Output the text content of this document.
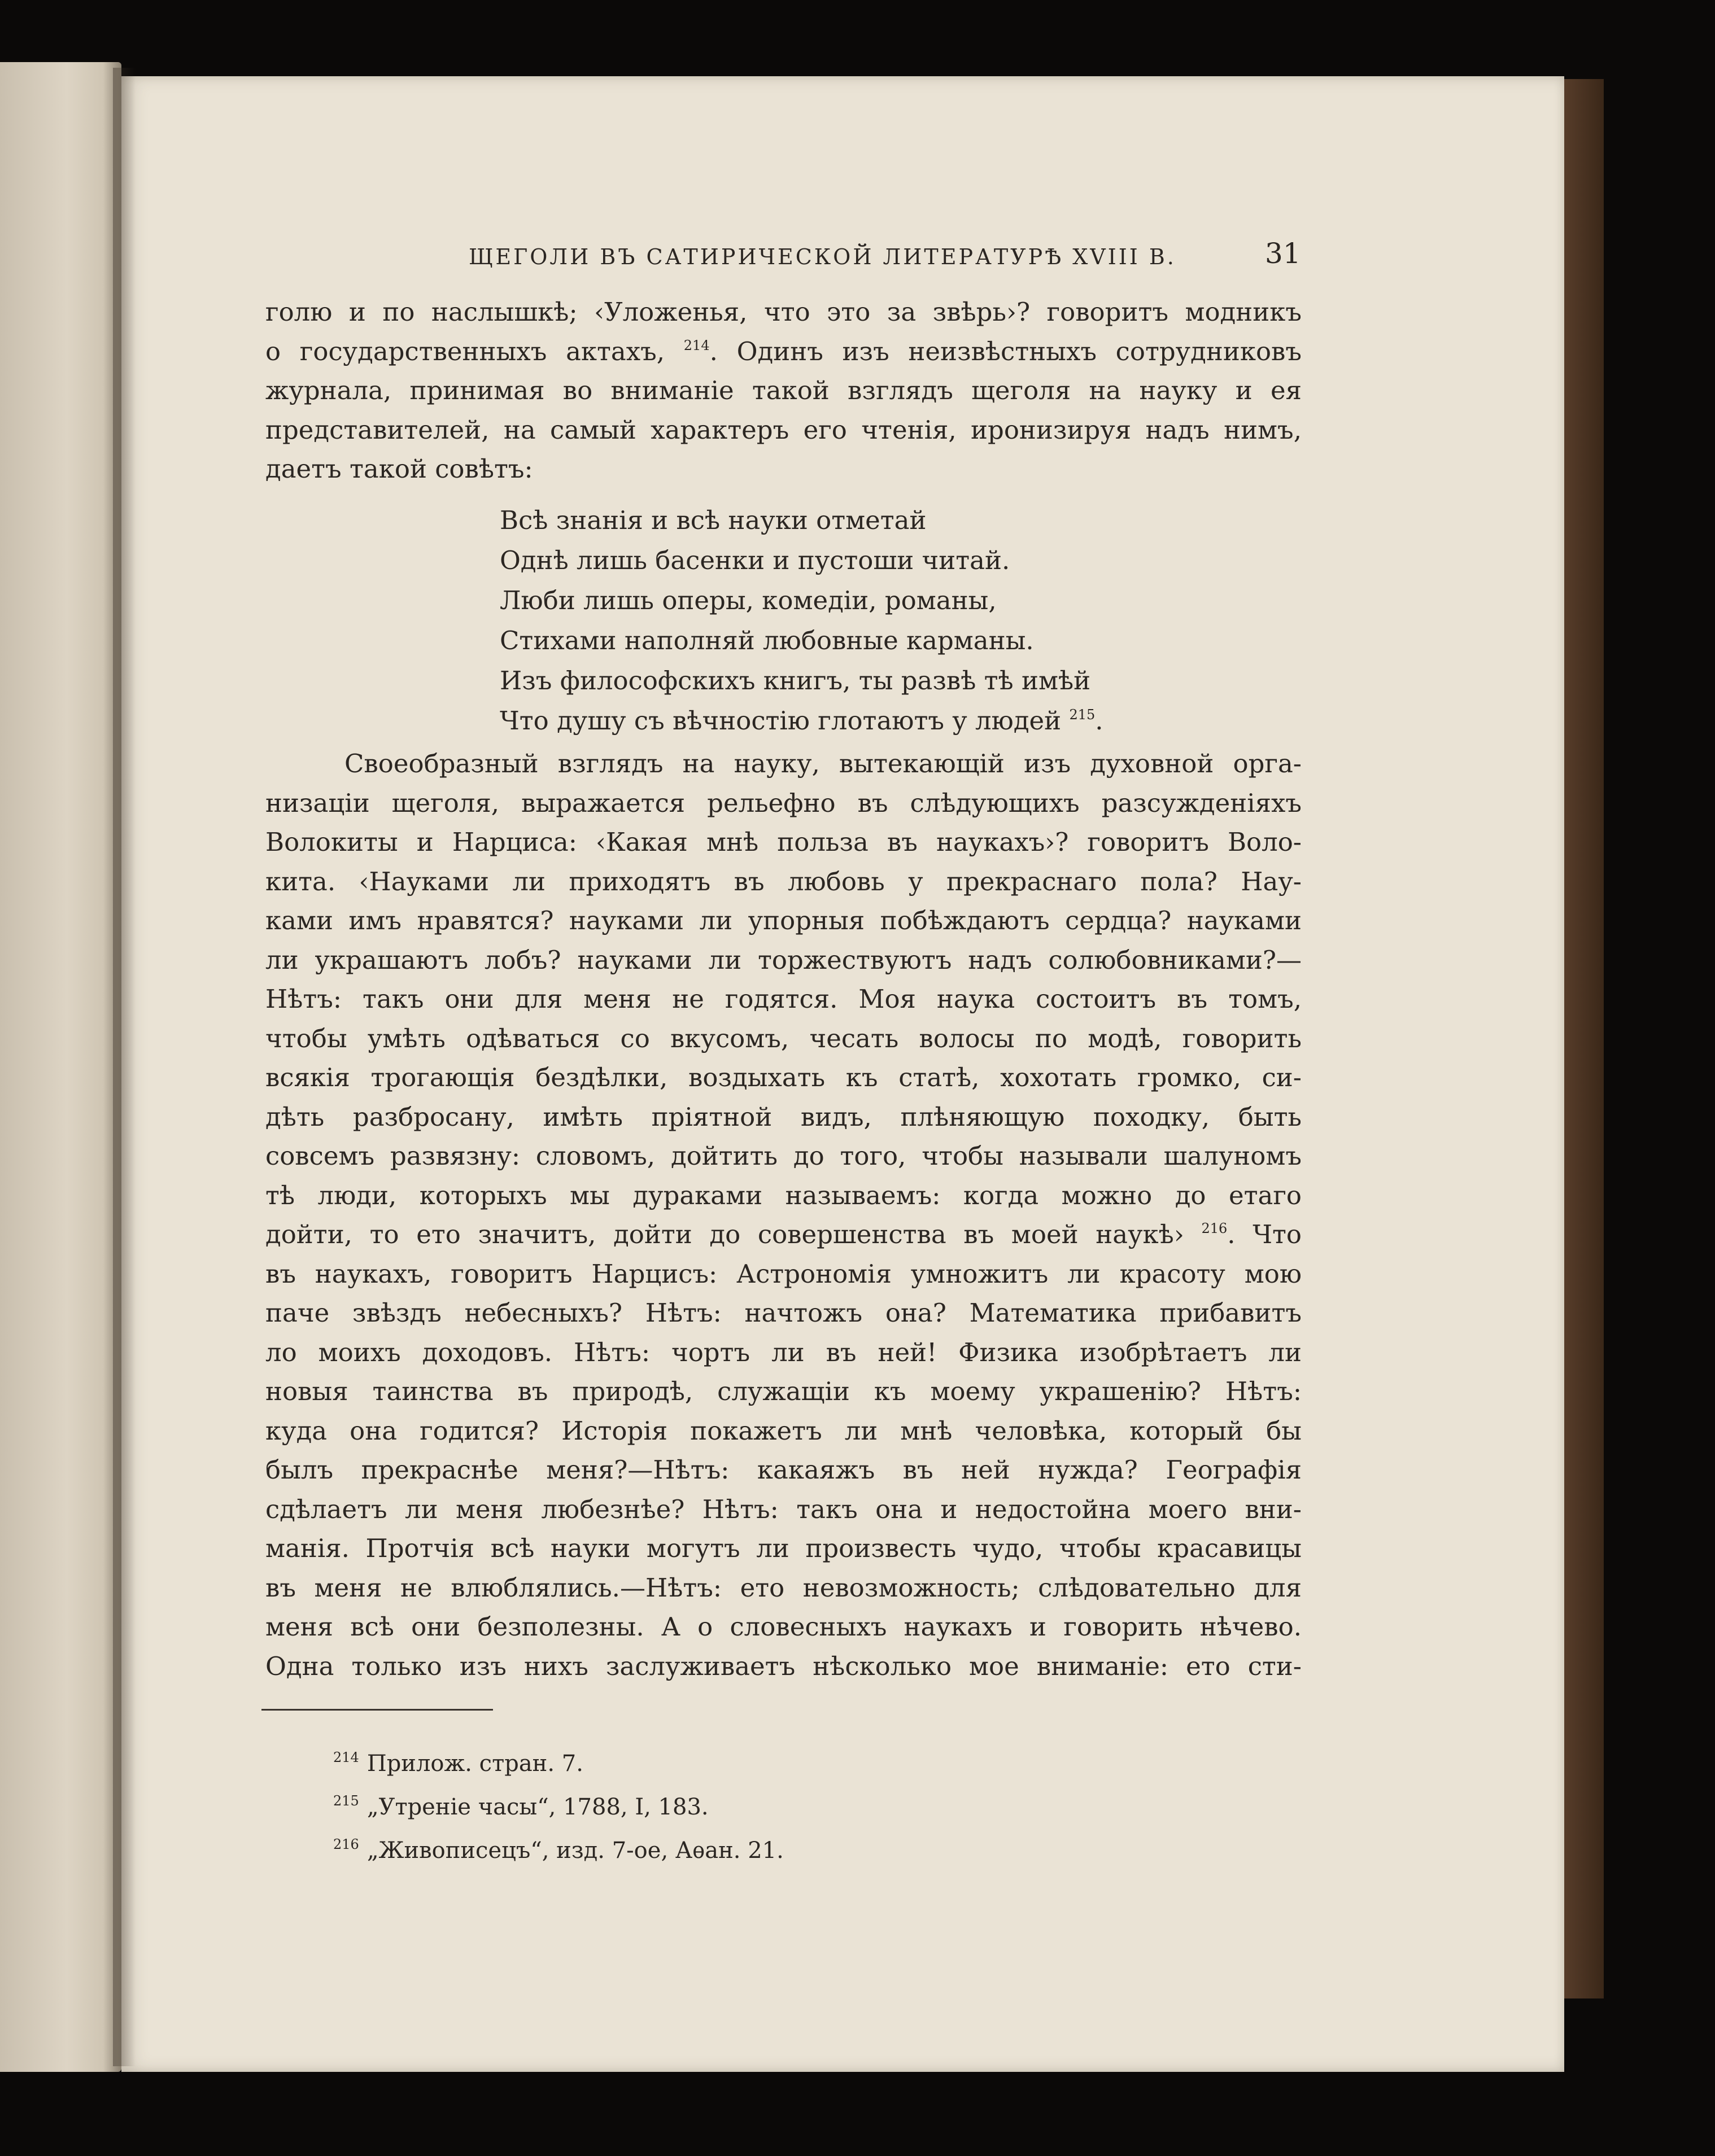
ЩЕГОЛИ ВЪ САТИРИЧЕСКОЙ ЛИТЕРАТУРѢ XVIII В.	31
голю и по наслышкѣ; ‹Уложенья, что это за звѣрь›? говоритъ модникъ
о государственныхъ актахъ, $^{214}$. Одинъ изъ неизвѣстныхъ сотрудниковъ
журнала, принимая во вниманіе такой взглядъ щеголя на науку и ея
представителей, на самый характеръ его чтенія, иронизируя надъ нимъ,
даетъ такой совѣтъ:
Всѣ знанія и всѣ науки отметай
Однѣ лишь басенки и пустоши читай.
Люби лишь оперы, комедіи, романы,
Стихами наполняй любовные карманы.
Изъ философскихъ книгъ, ты развѣ тѣ имѣй
Что душу съ вѣчностію глотаютъ у людей $^{215}$.
Своеобразный взглядъ на науку, вытекающій изъ духовной орга-
низаціи щеголя, выражается рельефно въ слѣдующихъ разсужденіяхъ
Волокиты и Нарциса: ‹Какая мнѣ польза въ наукахъ›? говоритъ Воло-
кита. ‹Науками ли приходятъ въ любовь у прекраснаго пола? Нау-
ками имъ нравятся? науками ли упорныя побѣждаютъ сердца? науками
ли украшаютъ лобъ? науками ли торжествуютъ надъ солюбовниками?—
Нѣтъ: такъ они для меня не годятся. Моя наука состоитъ въ томъ,
чтобы умѣть одѣваться со вкусомъ, чесать волосы по модѣ, говорить
всякія трогающія бездѣлки, воздыхать къ статѣ, хохотать громко, си-
дѣть разбросану, имѣть пріятной видъ, плѣняющую походку, быть
совсемъ развязну: словомъ, дойтить до того, чтобы называли шалуномъ
тѣ люди, которыхъ мы дураками называемъ: когда можно до етаго
дойти, то ето значитъ, дойти до совершенства въ моей наукѣ› $^{216}$. Что
въ наукахъ, говоритъ Нарцисъ: Астрономія умножитъ ли красоту мою
паче звѣздъ небесныхъ? Нѣтъ: начтожъ она? Математика прибавитъ
ло моихъ доходовъ. Нѣтъ: чортъ ли въ ней! Физика изобрѣтаетъ ли
новыя таинства въ природѣ, служащіи къ моему украшенію? Нѣтъ:
куда она годится? Исторія покажетъ ли мнѣ человѣка, который бы
былъ прекраснѣе меня?—Нѣтъ: какаяжъ въ ней нужда? Географія
сдѣлаетъ ли меня любезнѣе? Нѣтъ: такъ она и недостойна моего вни-
манія. Протчія всѣ науки могутъ ли произвесть чудо, чтобы красавицы
въ меня не влюблялись.—Нѣтъ: ето невозможность; слѣдовательно для
меня всѣ они безполезны. А о словесныхъ наукахъ и говорить нѣчево.
Одна только изъ нихъ заслуживаетъ нѣсколько мое вниманіе: ето сти-
$^{214}$ Прилож. стран. 7.
$^{215}$ „Утреніе часы“, 1788, I, 183.
$^{216}$ „Живописецъ“, изд. 7-ое, Аѳан. 21.
